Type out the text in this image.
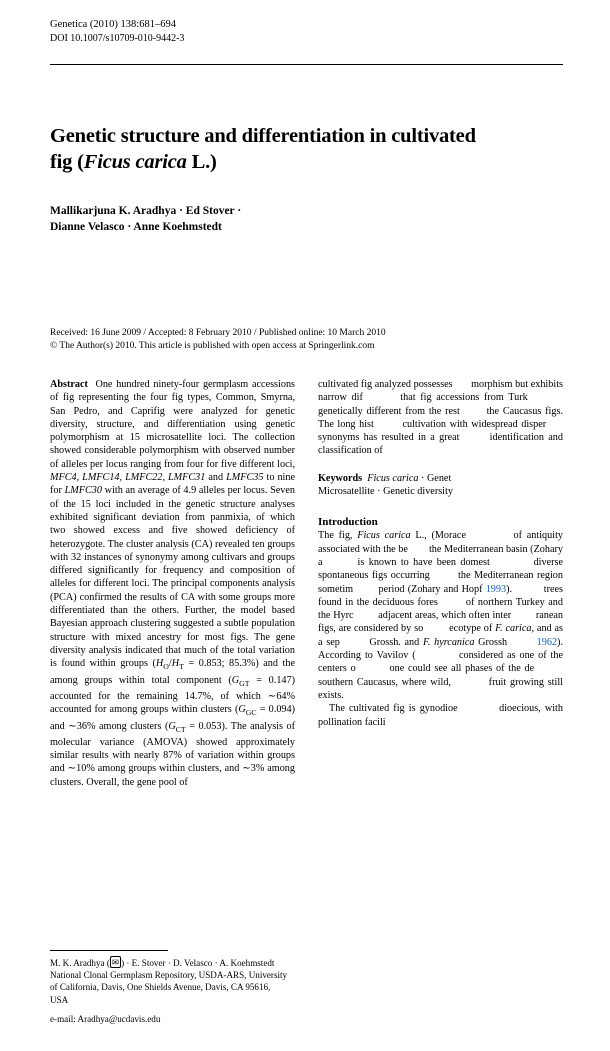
Genetica (2010) 138:681–694
DOI 10.1007/s10709-010-9442-3
Genetic structure and differentiation in cultivated
fig (Ficus carica L.)
Mallikarjuna K. Aradhya · Ed Stover ·
Dianne Velasco · Anne Koehmstedt
Received: 16 June 2009 / Accepted: 8 February 2010 / Published online: 10 March 2010
© The Author(s) 2010. This article is published with open access at Springerlink.com

Abstract  One hundred ninety-four germplasm accessions of fig representing the four fig types, Common, Smyrna, San Pedro, and Caprifig were analyzed for genetic diversity, structure, and differentiation using genetic polymorphism at 15 microsatellite loci. The collection showed considerable polymorphism with observed number of alleles per locus ranging from four for five different loci, MFC4, LMFC14, LMFC22, LMFC31 and LMFC35 to nine for LMFC30 with an average of 4.9 alleles per locus. Seven of the 15 loci included in the genetic structure analyses exhibited significant deviation from panmixia, of which two showed excess and five showed deficiency of heterozygote. The cluster analysis (CA) revealed ten groups with 32 instances of synonymy among cultivars and groups differed significantly for frequency and composition of alleles for different loci. The principal components analysis (PCA) confirmed the results of CA with some groups more differentiated than the others. Further, the model based Bayesian approach clustering suggested a subtle population structure with mixed ancestry for most figs. The gene diversity analysis indicated that much of the total variation is found within groups ($H_O/H_T = 0.853$; 85.3%) and the among groups within total component $(G_{GT} = 0.147)$ accounted for the remaining 14.7%, of which ∼64% accounted for among groups within clusters $(G_{GC} = 0.094)$ and ∼36% among clusters $(G_{CT} = 0.053)$. The analysis of molecular variance (AMOVA) showed approximately similar results with nearly 87% of variation within groups and ∼10% among groups within clusters, and ∼3% among clusters. Overall, the gene pool of

cultivated fig analyzed possesses       morphism but exhibits narrow dif        that fig accessions from Turk         genetically different from the rest       the Caucasus figs. The long hist        cultivation with widespread disper      synonyms has resulted in a great       identification and classification of

Keywords Ficus carica · Genet
Microsatellite · Genetic diversity
Introduction

The fig, Ficus carica L., (Morace          of antiquity associated with the be        the Mediterranean basin (Zohary a        is known to have been domest          diverse spontaneous figs occurring        the Mediterranean region sometim        period (Zohary and Hopf 1993).          trees found in the deciduous fores        of northern Turkey and the Hyrc         adjacent areas, which often inter         ranean figs, are considered by so         ecotype of F. carica, and as a sep        Grossh. and F. hyrcanica Grossh        1962). According to Vavilov (           considered as one of the centers o         one could see all phases of the de         southern Caucasus, where wild,          fruit growing still exists.

The cultivated fig is gynodioe          dioecious, with pollination facili

M. K. Aradhya ( ✉ ) · E. Stover · D. Velasco · A. Koehmstedt
National Clonal Germplasm Repository, USDA-ARS, University
of California, Davis, One Shields Avenue, Davis, CA 95616,
USA
e-mail: Aradhya@ucdavis.edu
